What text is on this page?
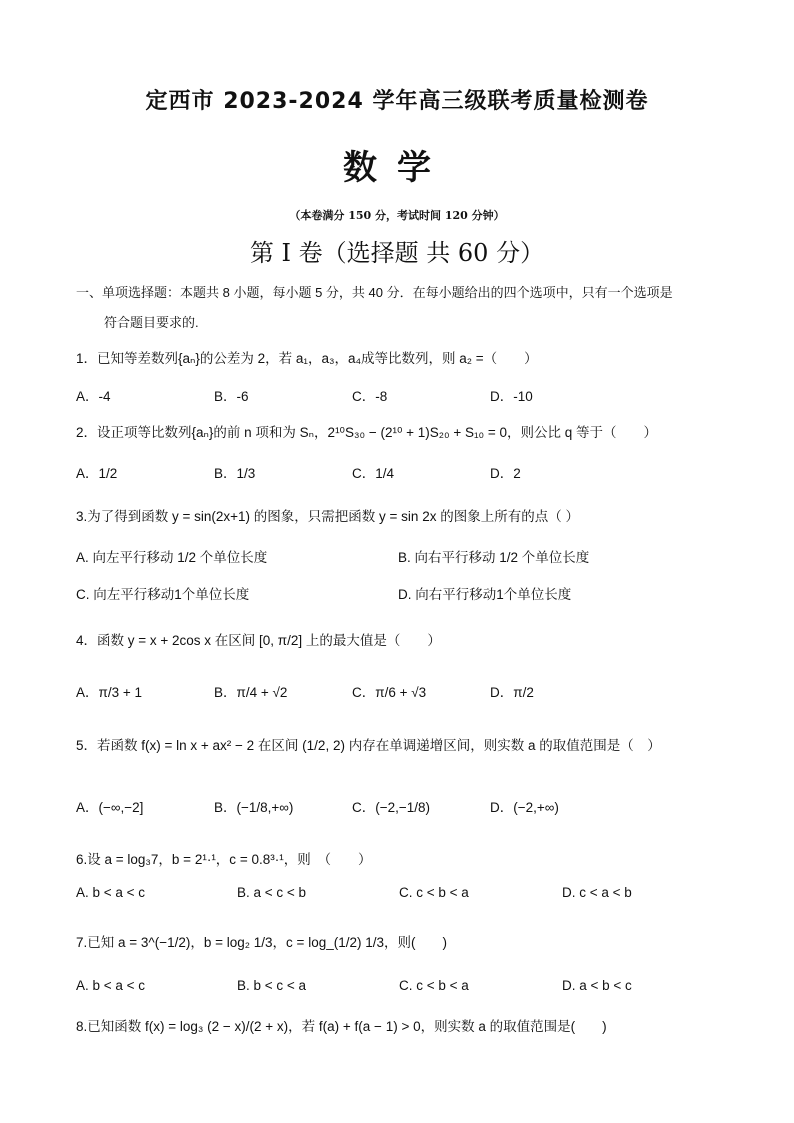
定西市 2023-2024 学年高三级联考质量检测卷
数学
（本卷满分 150 分，考试时间 120 分钟）
第 I 卷（选择题 共 60 分）
一、单项选择题：本题共 8 小题，每小题 5 分，共 40 分．在每小题给出的四个选项中，只有一个选项是
符合题目要求的.
1．已知等差数列{aₙ}的公差为 2，若 a₁，a₃，a₄成等比数列，则 a₂ =（　　）
A．-4	B．-6	C．-8	D．-10
2．设正项等比数列{aₙ}的前 n 项和为 Sₙ，2¹⁰S₃₀ − (2¹⁰ + 1)S₂₀ + S₁₀ = 0，则公比 q 等于（　　）
A．1/2	B．1/3	C．1/4	D．2
3.为了得到函数 y = sin(2x+1) 的图象，只需把函数 y = sin 2x 的图象上所有的点（ ）
A. 向左平行移动 1/2 个单位长度	B. 向右平行移动 1/2 个单位长度
C. 向左平行移动1个单位长度	D. 向右平行移动1个单位长度
4．函数 y = x + 2cos x 在区间 [0, π/2] 上的最大值是（　　）
A．π/3 + 1	B．π/4 + √2	C．π/6 + √3	D．π/2
5．若函数 f(x) = ln x + ax² − 2 在区间 (1/2, 2) 内存在单调递增区间，则实数 a 的取值范围是（　）
A．(−∞,−2]	B．(−1/8,+∞)	C．(−2,−1/8)	D．(−2,+∞)
6.设 a = log₃7，b = 2¹·¹，c = 0.8³·¹，则　（　　）
A. b < a < c	B. a < c < b	C. c < b < a	D. c < a < b
7.已知 a = 3^(−1/2)，b = log₂ 1/3，c = log_(1/2) 1/3，则(　　)
A. b < a < c	B. b < c < a	C. c < b < a	D. a < b < c
8.已知函数 f(x) = log₃ (2 − x)/(2 + x)，若 f(a) + f(a − 1) > 0，则实数 a 的取值范围是(　　)
